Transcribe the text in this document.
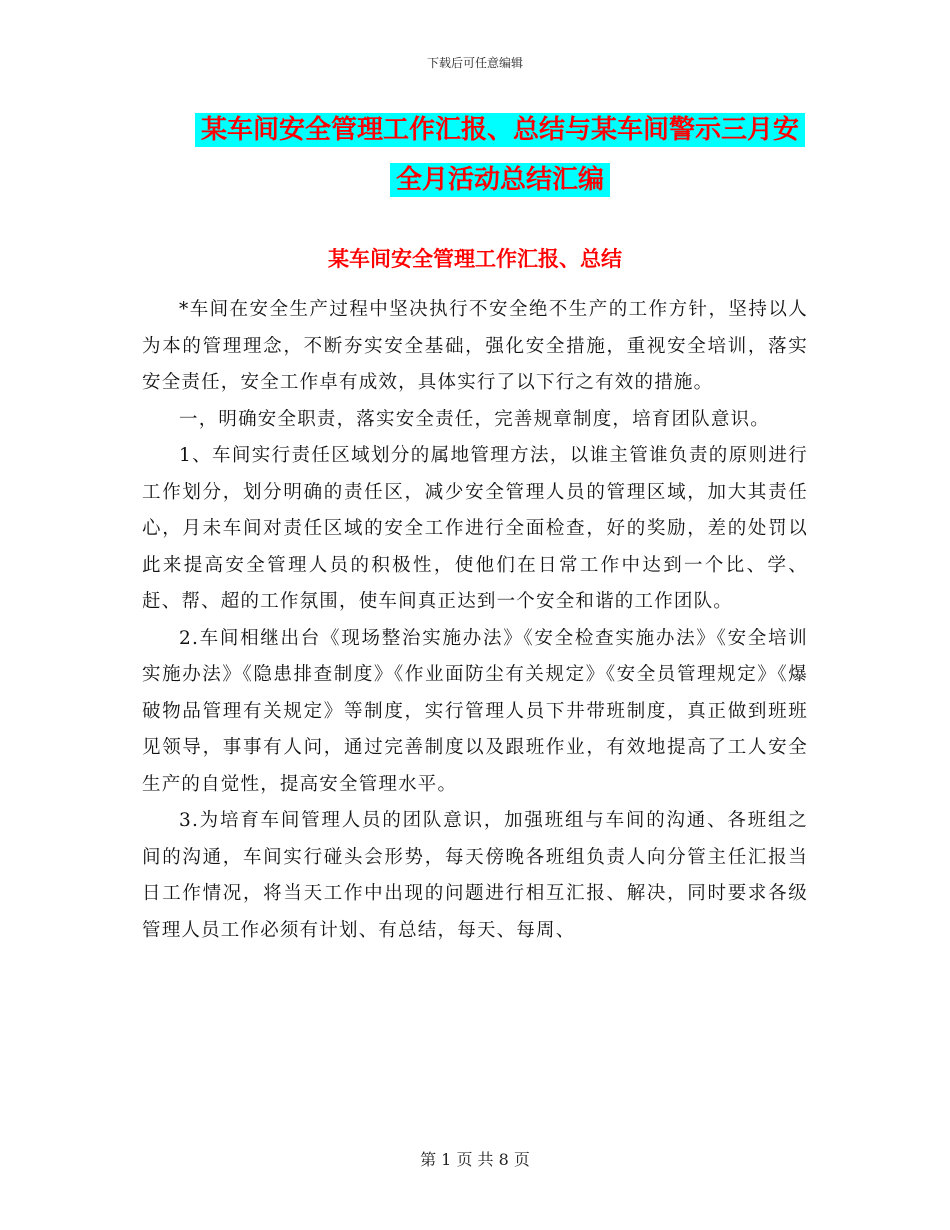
下载后可任意编辑
某车间安全管理工作汇报、总结与某车间警示三月安
全月活动总结汇编
某车间安全管理工作汇报、总结

*车间在安全生产过程中坚决执行不安全绝不生产的工作方针，坚持以人为本的管理理念，不断夯实安全基础，强化安全措施，重视安全培训，落实安全责任，安全工作卓有成效，具体实行了以下行之有效的措施。

一，明确安全职责，落实安全责任，完善规章制度，培育团队意识。

1、车间实行责任区域划分的属地管理方法，以谁主管谁负责的原则进行工作划分，划分明确的责任区，减少安全管理人员的管理区域，加大其责任心，月未车间对责任区域的安全工作进行全面检查，好的奖励，差的处罚以此来提高安全管理人员的积极性，使他们在日常工作中达到一个比、学、赶、帮、超的工作氛围，使车间真正达到一个安全和谐的工作团队。

2.车间相继出台《现场整治实施办法》《安全检查实施办法》《安全培训实施办法》《隐患排查制度》《作业面防尘有关规定》《安全员管理规定》《爆破物品管理有关规定》等制度，实行管理人员下井带班制度，真正做到班班见领导，事事有人问，通过完善制度以及跟班作业，有效地提高了工人安全生产的自觉性，提高安全管理水平。

3.为培育车间管理人员的团队意识，加强班组与车间的沟通、各班组之间的沟通，车间实行碰头会形势，每天傍晚各班组负责人向分管主任汇报当日工作情况，将当天工作中出现的问题进行相互汇报、解决，同时要求各级管理人员工作必须有计划、有总结，每天、每周、

第 1 页 共 8 页
